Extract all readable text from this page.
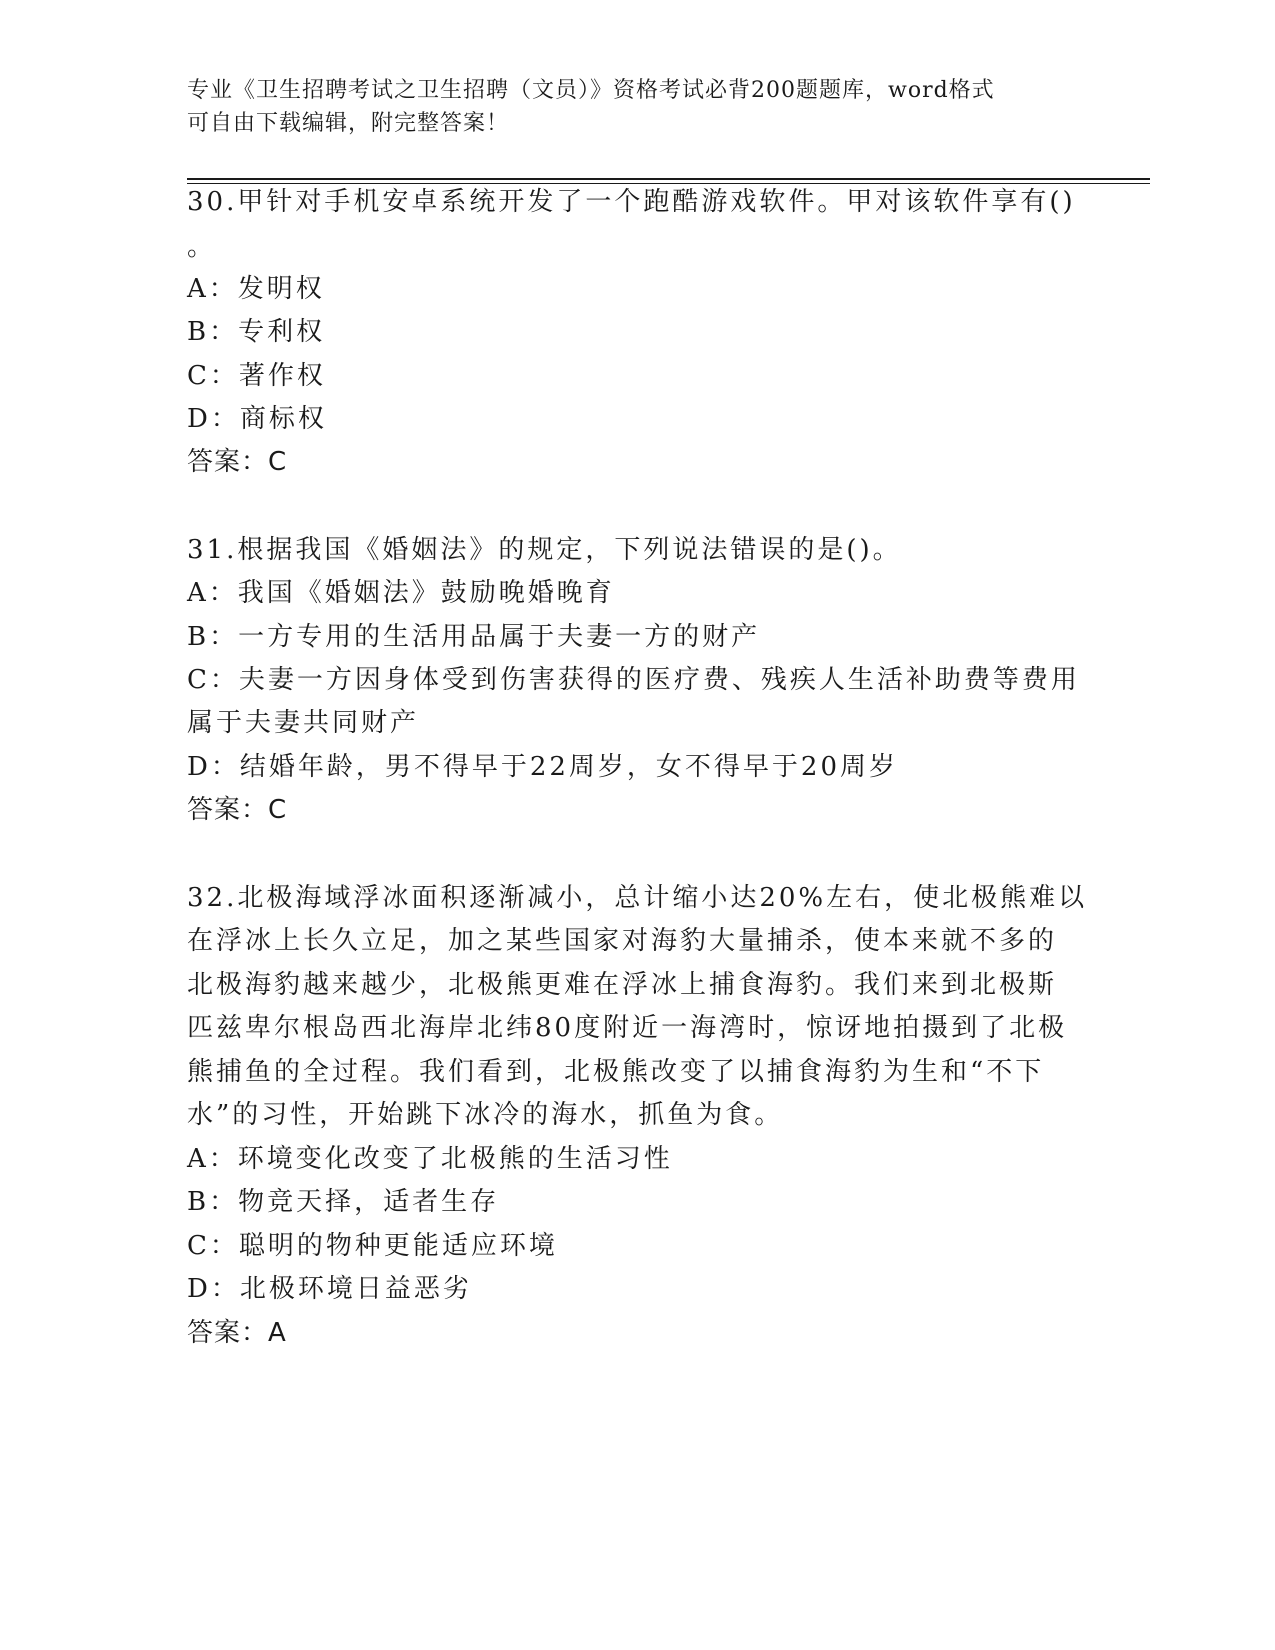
专业《卫生招聘考试之卫生招聘（文员）》资格考试必背200题题库，word格式
可自由下载编辑，附完整答案！
30.甲针对手机安卓系统开发了一个跑酷游戏软件。甲对该软件享有()
。
A：发明权
B：专利权
C：著作权
D：商标权
答案：C
31.根据我国《婚姻法》的规定，下列说法错误的是()。
A：我国《婚姻法》鼓励晚婚晚育
B：一方专用的生活用品属于夫妻一方的财产
C：夫妻一方因身体受到伤害获得的医疗费、残疾人生活补助费等费用
属于夫妻共同财产
D：结婚年龄，男不得早于22周岁，女不得早于20周岁
答案：C
32.北极海域浮冰面积逐渐减小，总计缩小达20%左右，使北极熊难以
在浮冰上长久立足，加之某些国家对海豹大量捕杀，使本来就不多的
北极海豹越来越少，北极熊更难在浮冰上捕食海豹。我们来到北极斯
匹兹卑尔根岛西北海岸北纬80度附近一海湾时，惊讶地拍摄到了北极
熊捕鱼的全过程。我们看到，北极熊改变了以捕食海豹为生和“不下
水”的习性，开始跳下冰冷的海水，抓鱼为食。
A：环境变化改变了北极熊的生活习性
B：物竞天择，适者生存
C：聪明的物种更能适应环境
D：北极环境日益恶劣
答案：A
